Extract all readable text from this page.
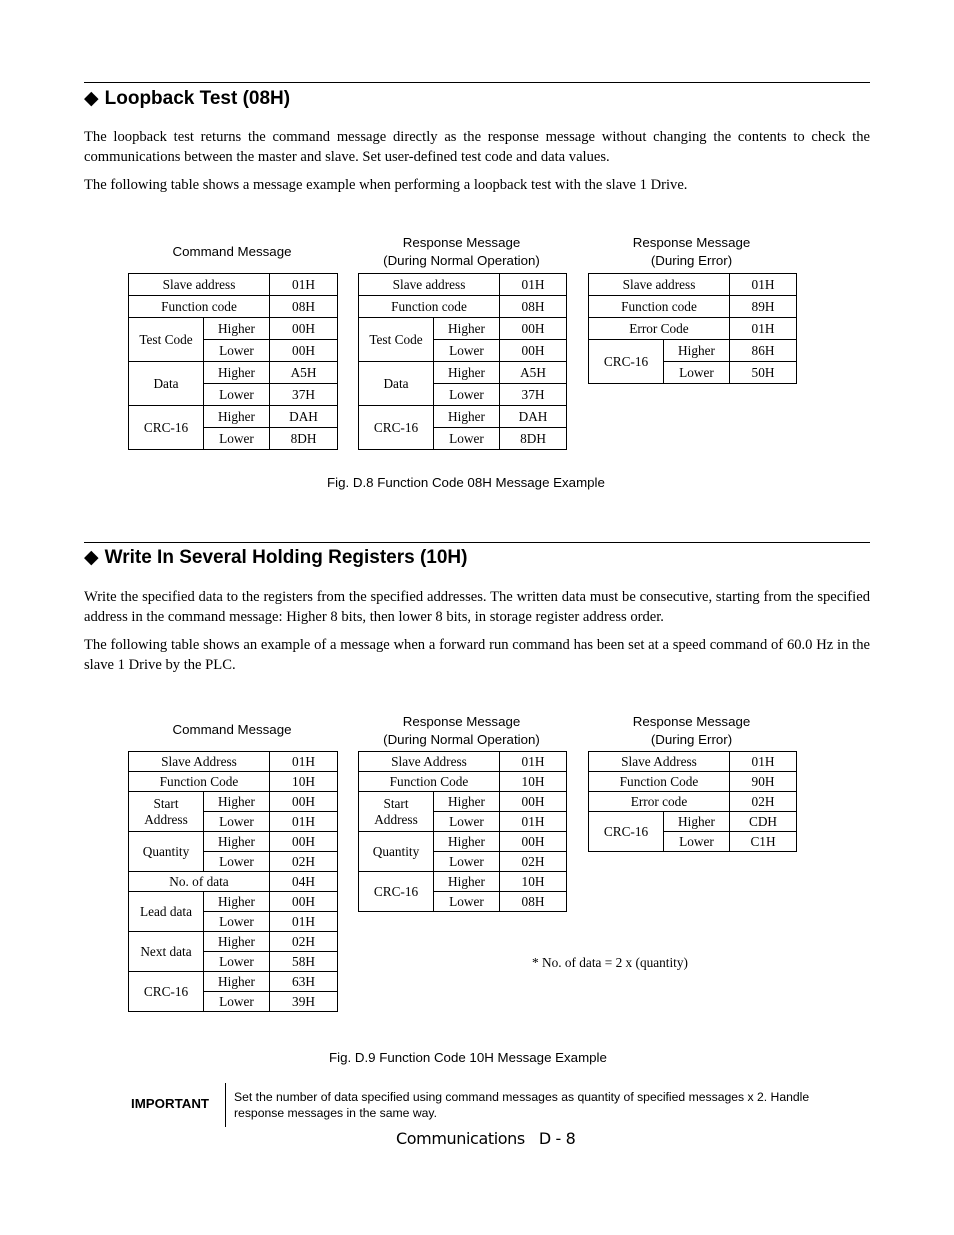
◆ Loopback Test (08H)

The loopback test returns the command message directly as the response message without changing the contents to check the communications between the master and slave. Set user-defined test code and data values.

The following table shows a message example when performing a loopback test with the slave 1 Drive.

Command Message
Response Message
(During Normal Operation)
Response Message
(During Error)
Slave address		01H
Function code		08H
Test Code	Higher	00H
	Lower	00H
Data	Higher	A5H
	Lower	37H
CRC-16	Higher	DAH
	Lower	8DH
Slave address		01H
Function code		08H
Test Code	Higher	00H
	Lower	00H
Data	Higher	A5H
	Lower	37H
CRC-16	Higher	DAH
	Lower	8DH
Slave address		01H
Function code		89H
Error Code		01H
CRC-16	Higher	86H
	Lower	50H
Fig. D.8 Function Code 08H Message Example
◆ Write In Several Holding Registers (10H)

Write the specified data to the registers from the specified addresses. The written data must be consecutive, starting from the specified address in the command message: Higher 8 bits, then lower 8 bits, in storage register address order.

The following table shows an example of a message when a forward run command has been set at a speed command of 60.0 Hz in the slave 1 Drive by the PLC.

Command Message
Response Message
(During Normal Operation)
Response Message
(During Error)
Slave Address		01H
Function Code		10H
Start
Address	Higher	00H
	Lower	01H
Quantity	Higher	00H
	Lower	02H
No. of data		04H
Lead data	Higher	00H
	Lower	01H
Next data	Higher	02H
	Lower	58H
CRC-16	Higher	63H
	Lower	39H
Slave Address		01H
Function Code		10H
Start
Address	Higher	00H
	Lower	01H
Quantity	Higher	00H
	Lower	02H
CRC-16	Higher	10H
	Lower	08H
Slave Address		01H
Function Code		90H
Error code		02H
CRC-16	Higher	CDH
	Lower	C1H
* No. of data = 2 x (quantity)
Fig. D.9 Function Code 10H Message Example
IMPORTANT Set the number of data specified using command messages as quantity of specified messages x 2. Handle response messages in the same way.
Communications   D - 8
